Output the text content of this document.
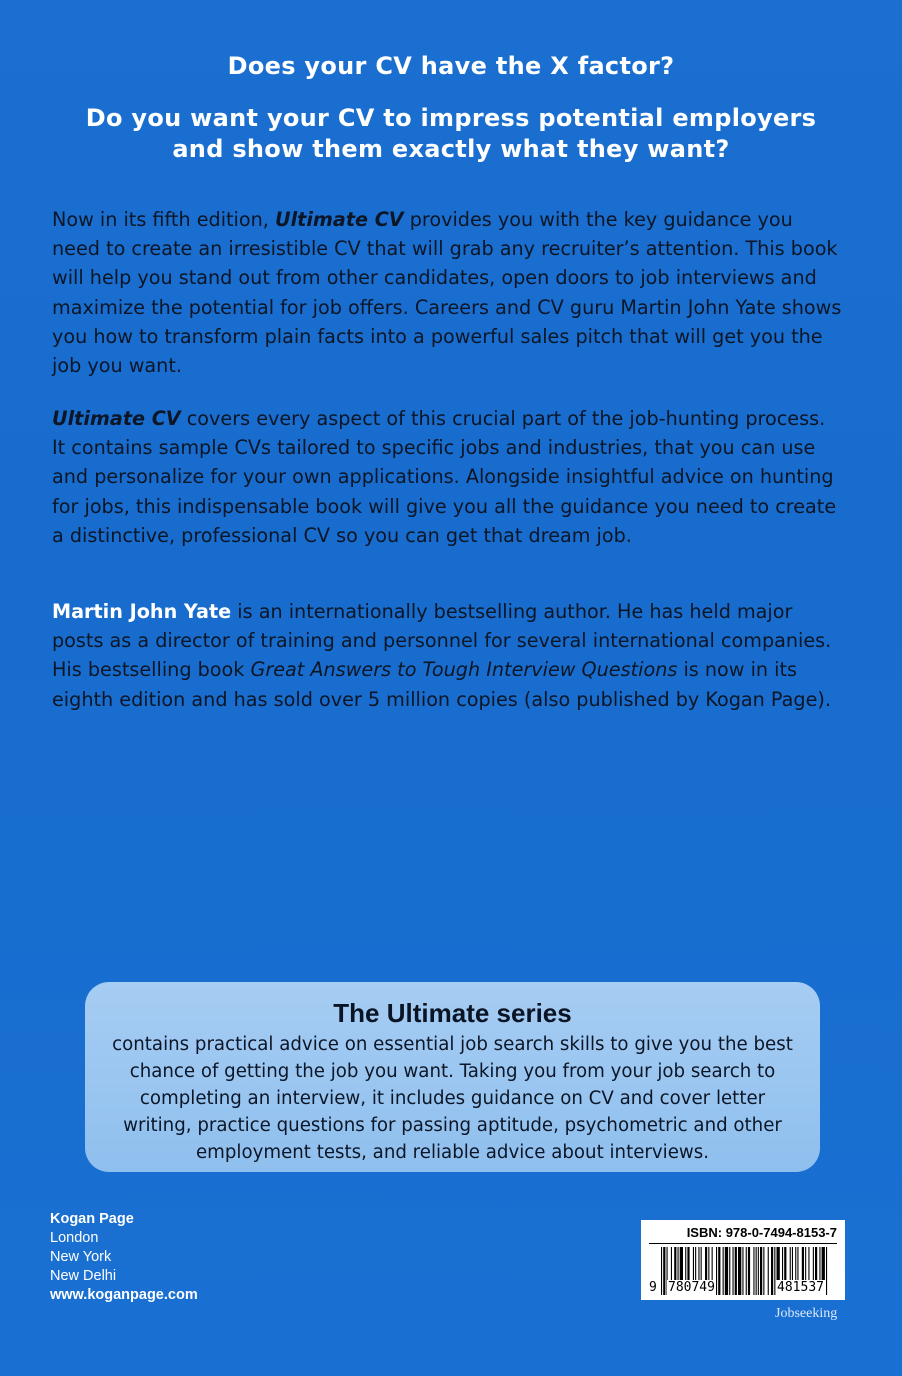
Does your CV have the X factor?
Do you want your CV to impress potential employers
and show them exactly what they want?

Now in its fifth edition, Ultimate CV provides you with the key guidance you need to create an irresistible CV that will grab any recruiter’s attention. This book will help you stand out from other candidates, open doors to job interviews and maximize the potential for job offers. Careers and CV guru Martin John Yate shows you how to transform plain facts into a powerful sales pitch that will get you the job you want.

Ultimate CV covers every aspect of this crucial part of the job-hunting process. It contains sample CVs tailored to specific jobs and industries, that you can use and personalize for your own applications. Alongside insightful advice on hunting for jobs, this indispensable book will give you all the guidance you need to create a distinctive, professional CV so you can get that dream job.

Martin John Yate is an internationally bestselling author. He has held major posts as a director of training and personnel for several international companies. His bestselling book Great Answers to Tough Interview Questions is now in its eighth edition and has sold over 5 million copies (also published by Kogan Page).

The Ultimate series

contains practical advice on essential job search skills to give you the best chance of getting the job you want. Taking you from your job search to completing an interview, it includes guidance on CV and cover letter writing, practice questions for passing aptitude, psychometric and other employment tests, and reliable advice about interviews.

Kogan Page
London
New York
New Delhi
www.koganpage.com
ISBN: 978-0-7494-8153-7
9 780749	481537
Jobseeking
